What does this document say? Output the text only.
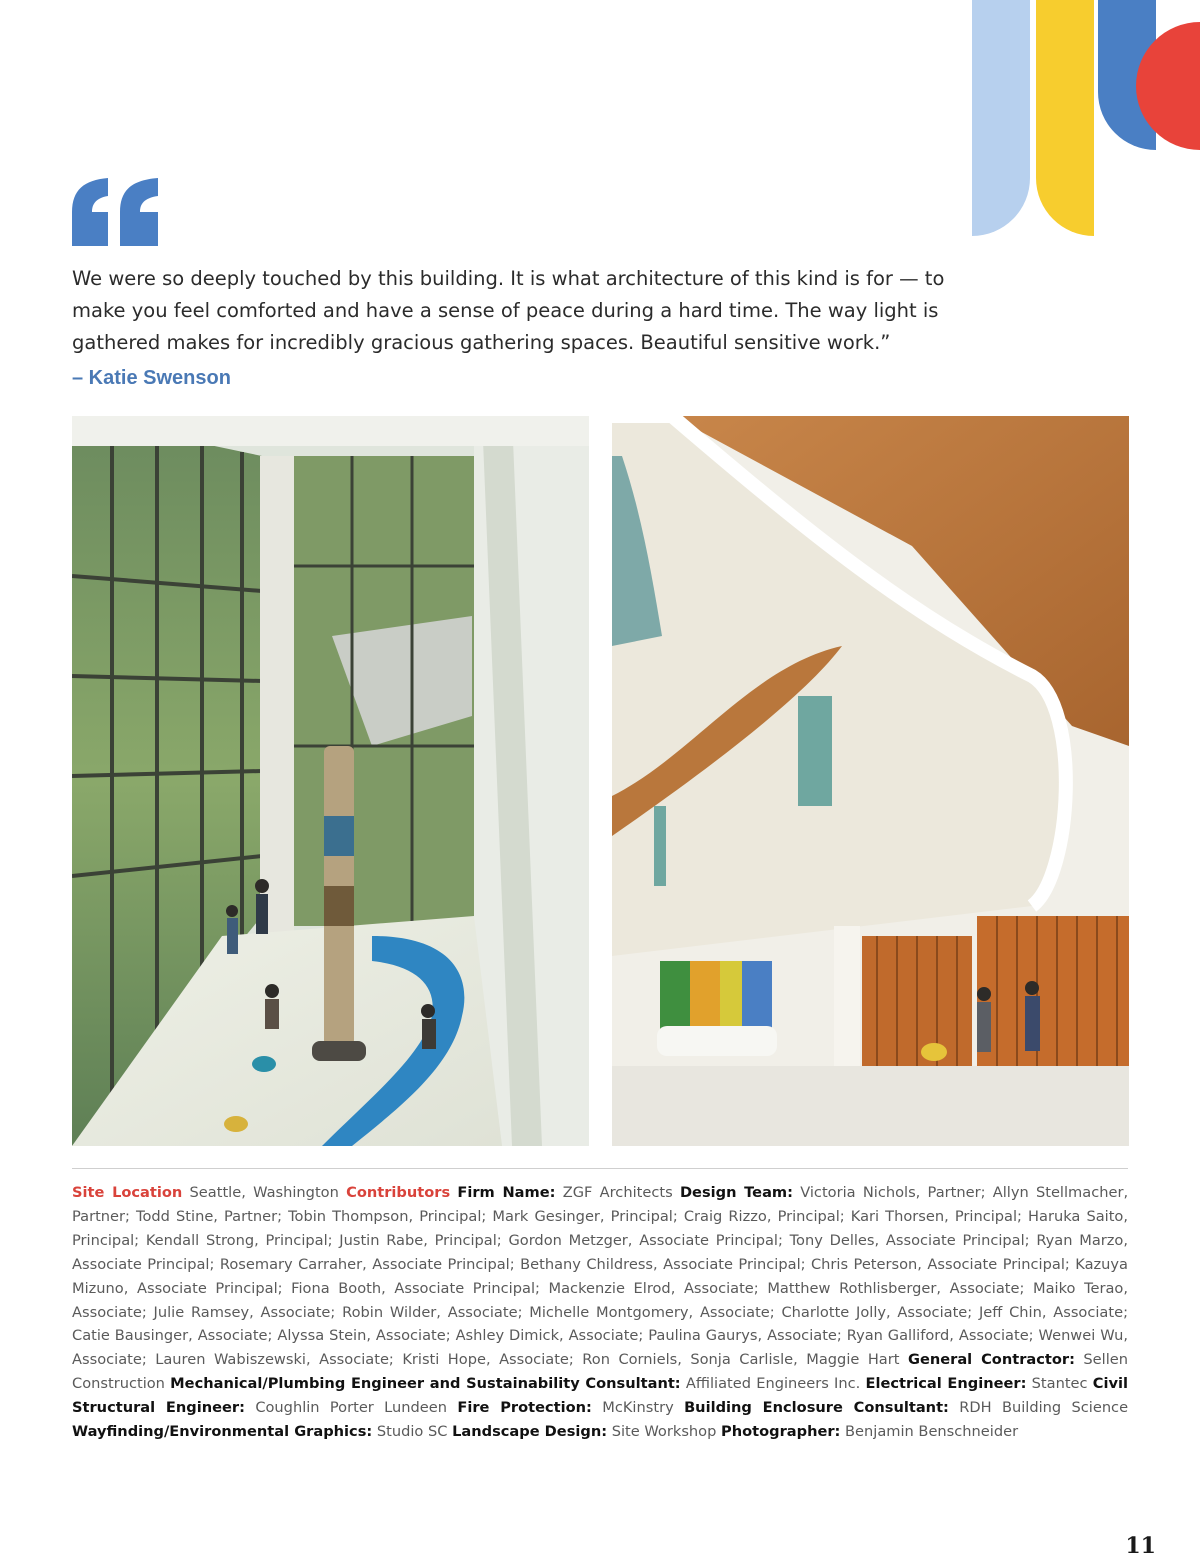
We were so deeply touched by this building. It is what architecture of this kind is for — to make you feel comforted and have a sense of peace during a hard time. The way light is gathered makes for incredibly gracious gathering spaces. Beautiful sensitive work.”

– Katie Swenson

Site Location Seattle, Washington Contributors Firm Name: ZGF Architects Design Team: Victoria Nichols, Partner; Allyn Stellmacher, Partner; Todd Stine, Partner; Tobin Thompson, Principal; Mark Gesinger, Principal; Craig Rizzo, Principal; Kari Thorsen, Principal; Haruka Saito, Principal; Kendall Strong, Principal; Justin Rabe, Principal; Gordon Metzger, Associate Principal; Tony Delles, Associate Principal; Ryan Marzo, Associate Principal; Rosemary Carraher, Associate Principal; Bethany Childress, Associate Principal; Chris Peterson, Associate Principal; Kazuya Mizuno, Associate Principal; Fiona Booth, Associate Principal; Mackenzie Elrod, Associate; Matthew Rothlisberger, Associate; Maiko Terao, Associate; Julie Ramsey, Associate; Robin Wilder, Associate; Michelle Montgomery, Associate; Charlotte Jolly, Associate; Jeff Chin, Associate; Catie Bausinger, Associate; Alyssa Stein, Associate; Ashley Dimick, Associate; Paulina Gaurys, Associate; Ryan Galliford, Associate; Wenwei Wu, Associate; Lauren Wabiszewski, Associate; Kristi Hope, Associate; Ron Corniels, Sonja Carlisle, Maggie Hart General Contractor: Sellen Construction Mechanical/Plumbing Engineer and Sustainability Consultant: Affiliated Engineers Inc. Electrical Engineer: Stantec Civil Structural Engineer: Coughlin Porter Lundeen Fire Protection: McKinstry Building Enclosure Consultant: RDH Building Science Wayfinding/Environmental Graphics: Studio SC Landscape Design: Site Workshop Photographer: Benjamin Benschneider

11
